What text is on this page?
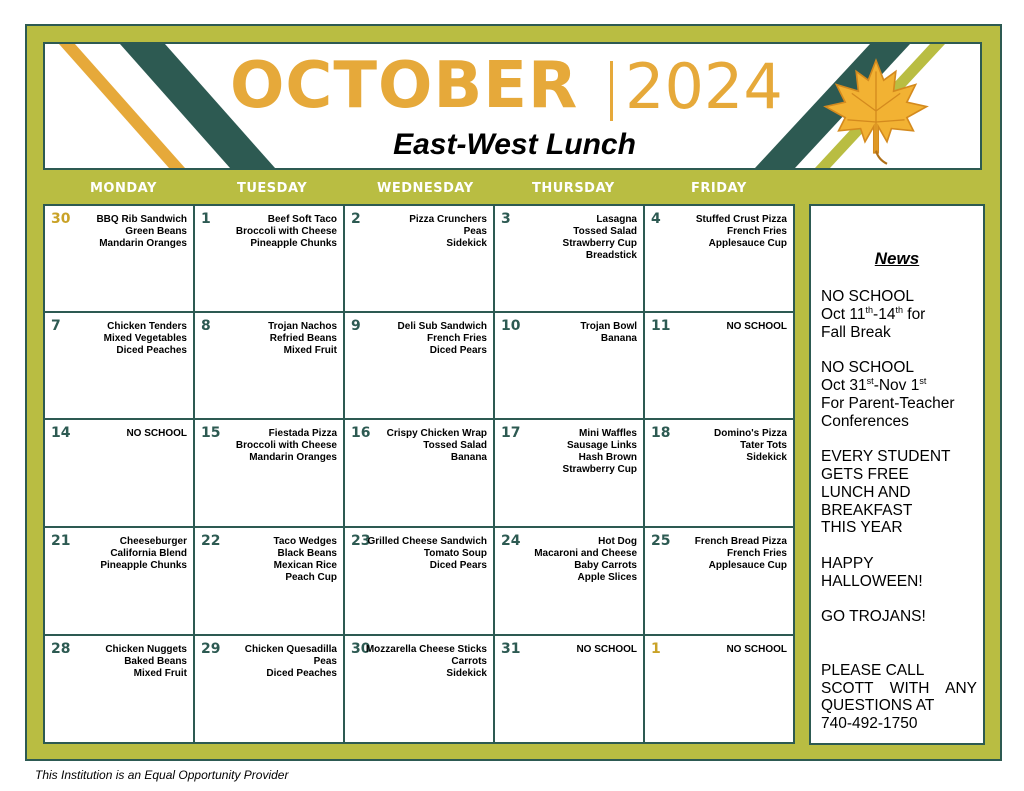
OCTOBER 2024
East-West Lunch
MONDAY	TUESDAY	WEDNESDAY	THURSDAY	FRIDAY
30	BBQ Rib Sandwich
Green Beans
Mandarin Oranges
1	Beef Soft Taco
Broccoli with Cheese
Pineapple Chunks
2	Pizza Crunchers
Peas
Sidekick
3	Lasagna
Tossed Salad
Strawberry Cup
Breadstick
4	Stuffed Crust Pizza
French Fries
Applesauce Cup
7	Chicken Tenders
Mixed Vegetables
Diced Peaches
8	Trojan Nachos
Refried Beans
Mixed Fruit
9	Deli Sub Sandwich
French Fries
Diced Pears
10	Trojan Bowl
Banana
11	NO SCHOOL
14	NO SCHOOL 15	Fiestada Pizza
Broccoli with Cheese
Mandarin Oranges
16 Crispy Chicken Wrap
Tossed Salad
Banana
17	Mini Waffles
Sausage Links
Hash Brown
Strawberry Cup
18	Domino's Pizza
Tater Tots
Sidekick
21	Cheeseburger
California Blend
Pineapple Chunks
22	Taco Wedges
Black Beans
Mexican Rice
Peach Cup
23
Grilled Cheese Sandwich
Tomato Soup
Diced Pears
24	Hot Dog
Macaroni and Cheese
Baby Carrots
Apple Slices
25 French Bread Pizza
French Fries
Applesauce Cup
28	Chicken Nuggets
Baked Beans
Mixed Fruit
29 Chicken Quesadilla
Peas
Diced Peaches
30
Mozzarella Cheese Sticks
Carrots
Sidekick
31	NO SCHOOL 1	NO SCHOOL
News

NO SCHOOL

Oct 11th-14th for

Fall Break

NO SCHOOL

Oct 31st-Nov 1st

For Parent-Teacher

Conferences

EVERY STUDENT

GETS FREE

LUNCH AND

BREAKFAST

THIS YEAR

HAPPY

HALLOWEEN!

GO TROJANS!

PLEASE CALL

SCOTT WITH ANY

QUESTIONS AT

740-492-1750

This Institution is an Equal Opportunity Provider
